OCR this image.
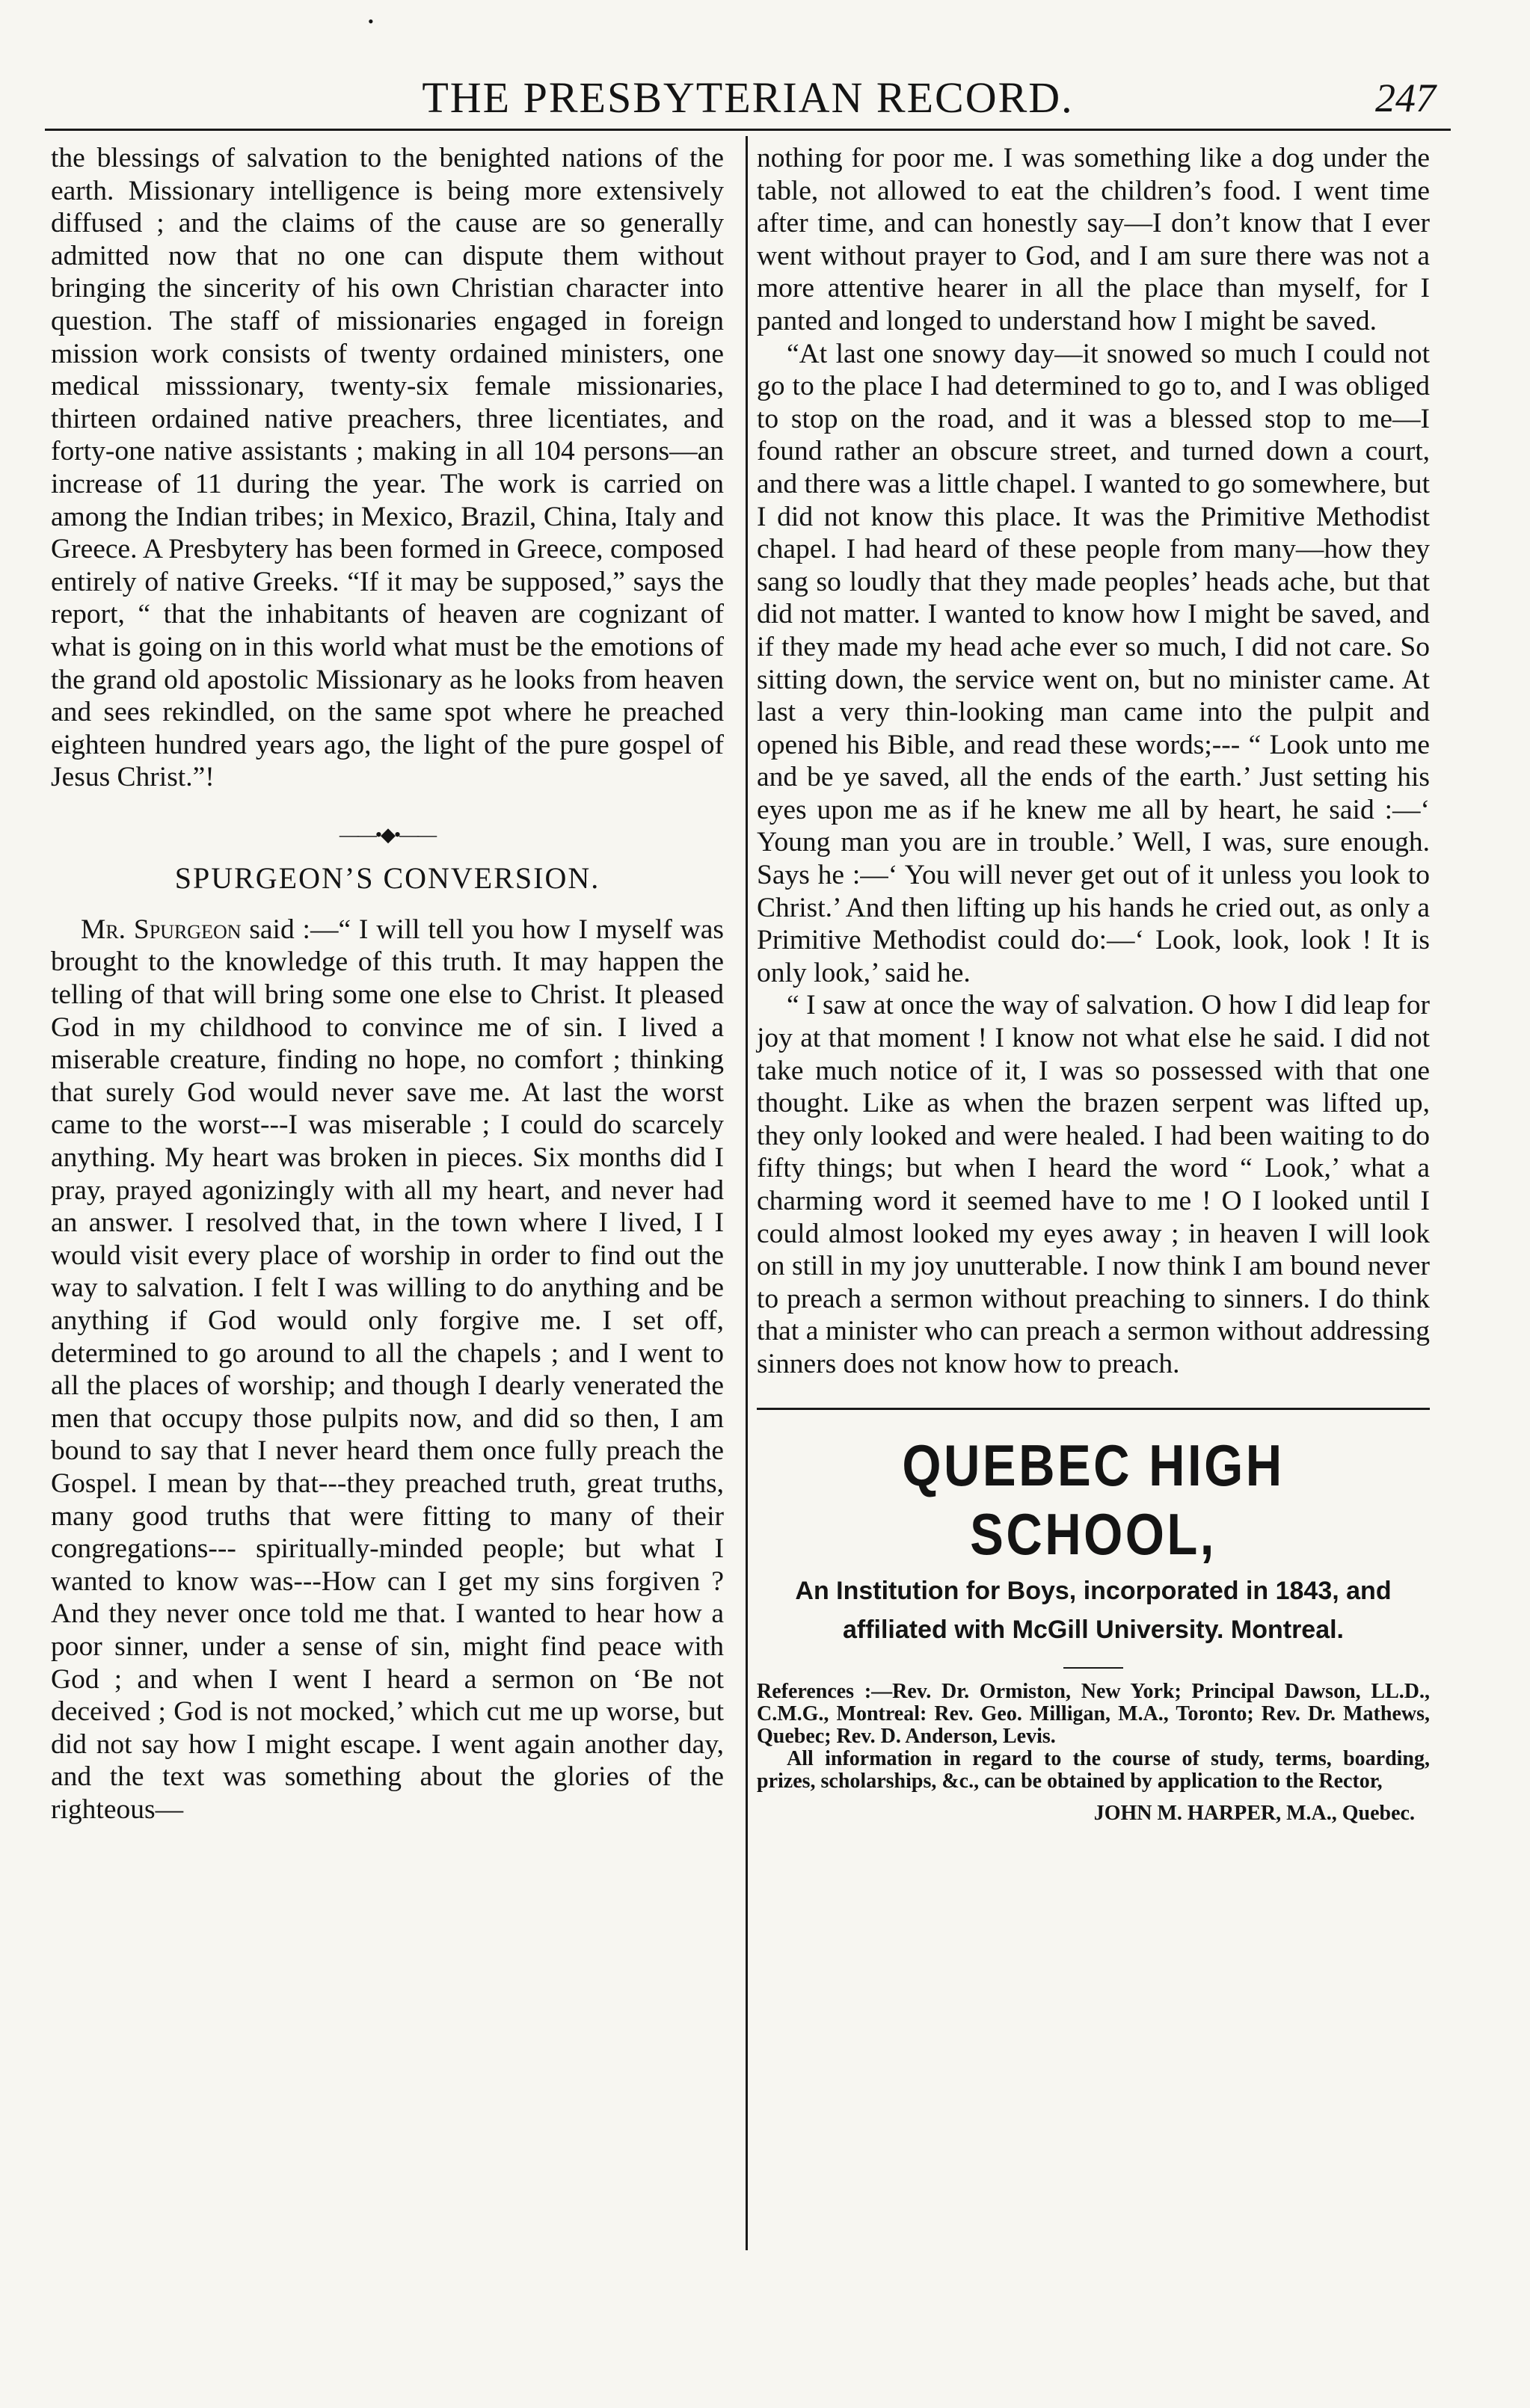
•
THE PRESBYTERIAN RECORD.	247

the blessings of salvation to the benighted nations of the earth. Missionary intelligence is being more extensively diffused ; and the claims of the cause are so generally admitted now that no one can dispute them without bringing the sincerity of his own Christian character into question. The staff of missionaries engaged in foreign mission work consists of twenty ordained ministers, one medical misssionary, twenty-six female missionaries, thirteen ordained native preachers, three licentiates, and forty-one native assistants ; making in all 104 persons—an increase of 11 during the year. The work is carried on among the Indian tribes; in Mexico, Brazil, China, Italy and Greece. A Presbytery has been formed in Greece, composed entirely of native Greeks. “If it may be supposed,” says the report, “ that the inhabitants of heaven are cognizant of what is going on in this world what must be the emotions of the grand old apostolic Missionary as he looks from heaven and sees rekindled, on the same spot where he preached eighteen hundred years ago, the light of the pure gospel of Jesus Christ.”!

——•◆•——
SPURGEON’S CONVERSION.

Mr. Spurgeon said :—“ I will tell you how I myself was brought to the knowledge of this truth. It may happen the telling of that will bring some one else to Christ. It pleased God in my childhood to convince me of sin. I lived a miserable creature, finding no hope, no comfort ; thinking that surely God would never save me. At last the worst came to the worst---I was miserable ; I could do scarcely anything. My heart was broken in pieces. Six months did I pray, prayed agonizingly with all my heart, and never had an answer. I resolved that, in the town where I lived, I I would visit every place of worship in order to find out the way to salvation. I felt I was willing to do anything and be anything if God would only forgive me. I set off, determined to go around to all the chapels ; and I went to all the places of worship; and though I dearly venerated the men that occupy those pulpits now, and did so then, I am bound to say that I never heard them once fully preach the Gospel. I mean by that---they preached truth, great truths, many good truths that were fitting to many of their congregations--- spiritually-minded people; but what I wanted to know was---How can I get my sins forgiven ? And they never once told me that. I wanted to hear how a poor sinner, under a sense of sin, might find peace with God ; and when I went I heard a sermon on ‘Be not deceived ; God is not mocked,’ which cut me up worse, but did not say how I might escape. I went again another day, and the text was something about the glories of the righteous—

nothing for poor me. I was something like a dog under the table, not allowed to eat the children’s food. I went time after time, and can honestly say—I don’t know that I ever went without prayer to God, and I am sure there was not a more attentive hearer in all the place than myself, for I panted and longed to understand how I might be saved.

“At last one snowy day—it snowed so much I could not go to the place I had determined to go to, and I was obliged to stop on the road, and it was a blessed stop to me—I found rather an obscure street, and turned down a court, and there was a little chapel. I wanted to go somewhere, but I did not know this place. It was the Primitive Methodist chapel. I had heard of these people from many—how they sang so loudly that they made peoples’ heads ache, but that did not matter. I wanted to know how I might be saved, and if they made my head ache ever so much, I did not care. So sitting down, the service went on, but no minister came. At last a very thin-looking man came into the pulpit and opened his Bible, and read these words;--- “ Look unto me and be ye saved, all the ends of the earth.’ Just setting his eyes upon me as if he knew me all by heart, he said :—‘ Young man you are in trouble.’ Well, I was, sure enough. Says he :—‘ You will never get out of it unless you look to Christ.’ And then lifting up his hands he cried out, as only a Primitive Methodist could do:—‘ Look, look, look ! It is only look,’ said he.

“ I saw at once the way of salvation. O how I did leap for joy at that moment ! I know not what else he said. I did not take much notice of it, I was so possessed with that one thought. Like as when the brazen serpent was lifted up, they only looked and were healed. I had been waiting to do fifty things; but when I heard the word “ Look,’ what a charming word it seemed have to me ! O I looked until I could almost looked my eyes away ; in heaven I will look on still in my joy unutterable. I now think I am bound never to preach a sermon without preaching to sinners. I do think that a minister who can preach a sermon without addressing sinners does not know how to preach.

QUEBEC HIGH SCHOOL,
An Institution for Boys, incorporated in 1843, and
affiliated with McGill University. Montreal.
References :—Rev. Dr. Ormiston, New York; Principal Dawson, LL.D., C.M.G., Montreal: Rev. Geo. Milligan, M.A., Toronto; Rev. Dr. Mathews, Quebec; Rev. D. Anderson, Levis.
All information in regard to the course of study, terms, boarding, prizes, scholarships, &c., can be obtained by application to the Rector,
JOHN M. HARPER, M.A., Quebec.
